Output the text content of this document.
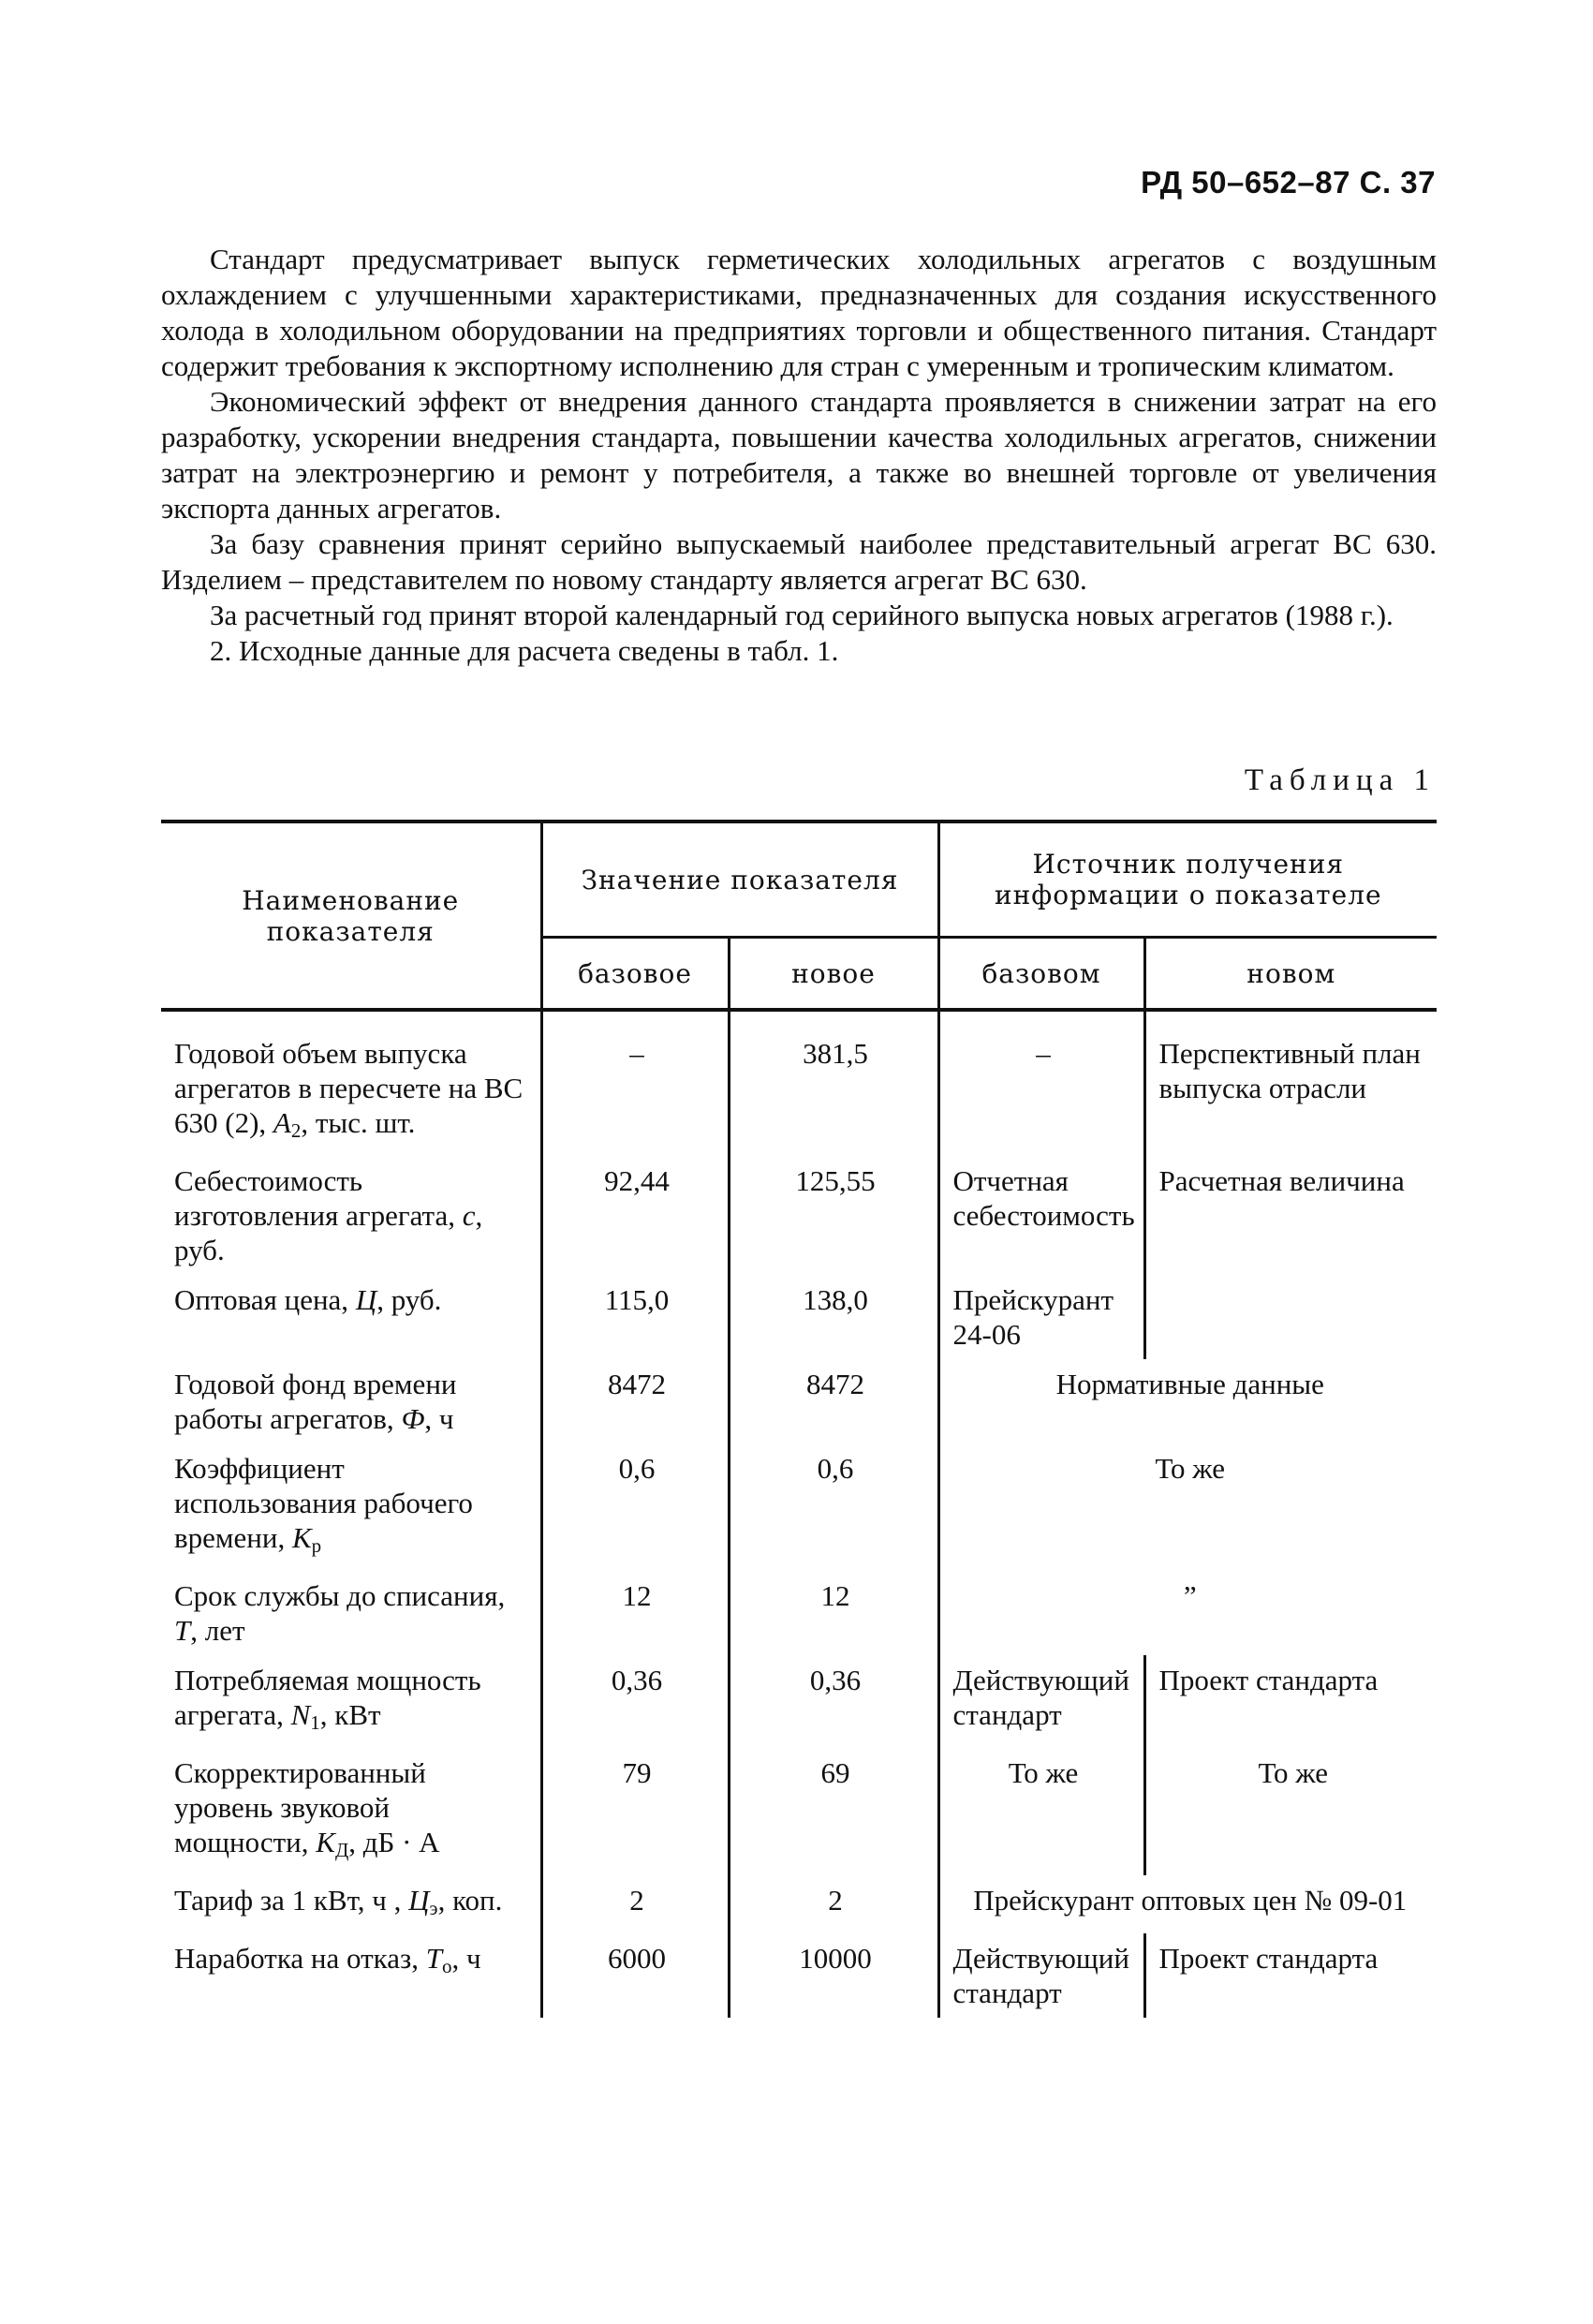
РД 50–652–87 С. 37

Стандарт предусматривает выпуск герметических холодильных агрегатов с воздушным охлаждением с улучшенными характеристиками, предназначенных для создания искусственного холода в холодильном оборудовании на предприятиях торговли и общественного питания. Стандарт содержит требования к экспортному исполнению для стран с умеренным и тропическим климатом.

Экономический эффект от внедрения данного стандарта проявляется в снижении затрат на его разработку, ускорении внедрения стандарта, повышении качества холодильных агрегатов, снижении затрат на электроэнергию и ремонт у потребителя, а также во внешней торговле от увеличения экспорта данных агрегатов.

За базу сравнения принят серийно выпускаемый наиболее представительный агрегат ВС 630. Изделием – представителем по новому стандарту является агрегат ВС 630.

За расчетный год принят второй календарный год серийного выпуска новых агрегатов (1988 г.).

2. Исходные данные для расчета сведены в табл. 1.

Таблица 1
Наименование показателя	Значение показателя		Источник получения информации о показателе	
	базовое	новое	базовом	новом

Годовой объем выпуска агрегатов в пересчете на ВС 630 (2), $A_2$, тыс. шт.	–	381,5	–	Перспективный план выпуска отрасли
Себестоимость изготовления агрегата, c, руб.	92,44	125,55	Отчетная себестоимость	Расчетная величина
Оптовая цена, Ц, руб.	115,0	138,0	Прейскурант 24-06	
Годовой фонд времени работы агрегатов, Ф, ч	8472	8472	Нормативные данные	
Коэффициент использования рабочего времени, $K_р$	0,6	0,6	То же	
Срок службы до списания, T, лет	12	12	”	
Потребляемая мощность агрегата, $N_1$, кВт	0,36	0,36	Действующий стандарт	Проект стандарта
Скорректированный уровень звуковой мощности, $K_Д$, дБ · А	79	69	То же	То же
Тариф за 1 кВт, ч , $Ц_э$, коп.	2	2	Прейскурант оптовых цен № 09-01	
Наработка на отказ, $T_о$, ч	6000	10000	Действующий стандарт	Проект стандарта
